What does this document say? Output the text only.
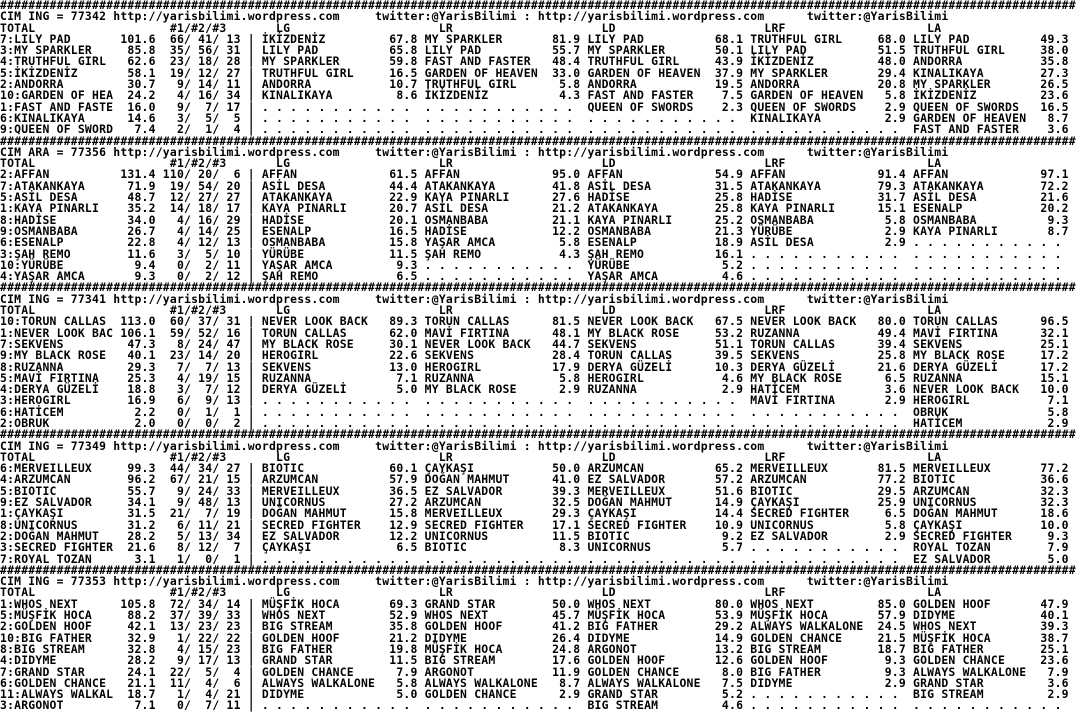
########################################################################################################################################################
CIM ING = 77342 http://yarisbilimi.wordpress.com     twitter:@YarisBilimi : http://yarisbilimi.wordpress.com      twitter:@YarisBilimi
TOTAL                   #1/#2/#3       LG                     LR                     LD                     LRF                    LA
7:LILY PAD       101.6  66/ 41/ 13 | İKİZDENİZ         67.8 MY SPARKLER       81.9 LILY PAD          68.1 TRUTHFUL GIRL     68.0 LILY PAD          49.3
3:MY SPARKLER     85.8  35/ 56/ 31 | LILY PAD          65.8 LILY PAD          55.7 MY SPARKLER       50.1 LILY PAD          51.5 TRUTHFUL GIRL     38.0
4:TRUTHFUL GIRL   62.6  23/ 18/ 28 | MY SPARKLER       59.8 FAST AND FASTER   48.4 TRUTHFUL GIRL     43.9 İKİZDENİZ         48.0 ANDORRA           35.8
5:İKİZDENİZ       58.1  19/ 12/ 27 | TRUTHFUL GIRL     16.5 GARDEN OF HEAVEN  33.0 GARDEN OF HEAVEN  37.9 MY SPARKLER       29.4 KINALIKAYA        27.3
2:ANDORRA         30.7   9/ 14/ 11 | ANDORRA           10.7 TRUTHFUL GIRL      5.8 ANDORRA           19.5 ANDORRA           20.8 MY SPARKLER       26.5
10:GARDEN OF HEA  24.2   4/ 16/ 34 | KINALIKAYA         8.6 İKİZDENİZ          4.3 FAST AND FASTER    7.5 GARDEN OF HEAVEN   5.8 İKİZDENİZ         23.6
1:FAST AND FASTE  16.0   9/  7/ 17 | . . . . . . . . . . .  . . . . . . . . . . .  QUEEN OF SWORDS    2.3 QUEEN OF SWORDS    2.9 QUEEN OF SWORDS   16.5
6:KINALIKAYA      14.6   3/  5/  5 | . . . . . . . . . . .  . . . . . . . . . . .  . . . . . . . . . . .  KINALIKAYA         2.9 GARDEN OF HEAVEN   8.7
9:QUEEN OF SWORD   7.4   2/  1/  4 | . . . . . . . . . . .  . . . . . . . . . . .  . . . . . . . . . . .  . . . . . . . . . . .  FAST AND FASTER    3.6
########################################################################################################################################################
CIM ARA = 77356 http://yarisbilimi.wordpress.com     twitter:@YarisBilimi : http://yarisbilimi.wordpress.com      twitter:@YarisBilimi
TOTAL                   #1/#2/#3       LG                     LR                     LD                     LRF                    LA
2:AFFAN          131.4 110/ 20/  6 | AFFAN             61.5 AFFAN             95.0 AFFAN             54.9 AFFAN             91.4 AFFAN             97.1
7:ATAKANKAYA      71.9  19/ 54/ 20 | ASİL DESA         44.4 ATAKANKAYA        41.8 ASİL DESA         31.5 ATAKANKAYA        79.3 ATAKANKAYA        72.2
5:ASİL DESA       48.7  12/ 27/ 27 | ATAKANKAYA        22.9 KAYA PINARLI      27.6 HADİSE            25.8 HADİSE            31.7 ASİL DESA         21.6
1:KAYA PINARLI    35.2  14/ 18/ 17 | KAYA PINARLI      20.7 ASİL DESA         21.2 ATAKANKAYA        25.8 KAYA PINARLI      15.1 ESENALP           20.2
8:HADİSE          34.0   4/ 16/ 29 | HADİSE            20.1 OSMANBABA         21.1 KAYA PINARLI      25.2 OSMANBABA          5.8 OSMANBABA          9.3
9:OSMANBABA       26.7   4/ 14/ 25 | ESENALP           16.5 HADİSE            12.2 OSMANBABA         21.3 YÜRÜBE             2.9 KAYA PINARLI       8.7
6:ESENALP         22.8   4/ 12/ 13 | OSMANBABA         15.8 YAŞAR AMCA         5.8 ESENALP           18.9 ASİL DESA          2.9 . . . . . . . . . . .
3:ŞAH REMO        11.6   3/  5/ 10 | YÜRÜBE            11.5 ŞAH REMO           4.3 ŞAH REMO          16.1 . . . . . . . . . . .  . . . . . . . . . . .
10:YÜRÜBE          9.4   0/  2/ 11 | YAŞAR AMCA         9.3 . . . . . . . . . . .  YÜRÜBE             5.2 . . . . . . . . . . .  . . . . . . . . . . .
4:YAŞAR AMCA       9.3   0/  2/ 12 | ŞAH REMO           6.5 . . . . . . . . . . .  YAŞAR AMCA         4.6 . . . . . . . . . . .  . . . . . . . . . . .
########################################################################################################################################################
CIM ING = 77341 http://yarisbilimi.wordpress.com     twitter:@YarisBilimi : http://yarisbilimi.wordpress.com      twitter:@YarisBilimi
TOTAL                   #1/#2/#3       LG                     LR                     LD                     LRF                    LA
10:TORUN CALLAS  113.0  60/ 37/ 31 | NEVER LOOK BACK   89.3 TORUN CALLAS      81.5 NEVER LOOK BACK   67.5 NEVER LOOK BACK   80.0 TORUN CALLAS      96.5
1:NEVER LOOK BAC 106.1  59/ 52/ 16 | TORUN CALLAS      62.0 MAVİ FIRTINA      48.1 MY BLACK ROSE     53.2 RUZANNA           49.4 MAVİ FIRTINA      32.1
7:SEKVENS         47.3   8/ 24/ 47 | MY BLACK ROSE     30.1 NEVER LOOK BACK   44.7 SEKVENS           51.1 TORUN CALLAS      39.4 SEKVENS           25.1
9:MY BLACK ROSE   40.1  23/ 14/ 20 | HEROGIRL          22.6 SEKVENS           28.4 TORUN CALLAS      39.5 SEKVENS           25.8 MY BLACK ROSE     17.2
8:RUZANNA         29.3   7/  7/ 13 | SEKVENS           13.0 HEROGIRL          17.9 DERYA GÜZELİ      10.3 DERYA GÜZELİ      21.6 DERYA GÜZELİ      17.2
5:MAVİ FIRTINA    25.3   4/ 19/ 15 | RUZANNA            7.1 RUZANNA            5.8 HEROGIRL           4.6 MY BLACK ROSE      6.5 RUZANNA           15.1
4:DERYA GÜZELİ    18.8   3/  7/ 12 | DERYA GÜZELİ       5.0 MY BLACK ROSE      2.9 RUZANNA            2.9 HATİCEM            3.6 NEVER LOOK BACK   10.0
3:HEROGIRL        16.9   6/  9/ 13 | . . . . . . . . . . .  . . . . . . . . . . .  . . . . . . . . . . .  MAVİ FIRTINA       2.9 HEROGIRL           7.1
6:HATİCEM          2.2   0/  1/  1 | . . . . . . . . . . .  . . . . . . . . . . .  . . . . . . . . . . .  . . . . . . . . . . .  OBRUK              5.8
2:OBRUK            2.0   0/  0/  2 | . . . . . . . . . . .  . . . . . . . . . . .  . . . . . . . . . . .  . . . . . . . . . . .  HATİCEM            2.9
########################################################################################################################################################
CIM ING = 77349 http://yarisbilimi.wordpress.com     twitter:@YarisBilimi : http://yarisbilimi.wordpress.com      twitter:@YarisBilimi
TOTAL                   #1/#2/#3       LG                     LR                     LD                     LRF                    LA
6:MERVEILLEUX     99.3  44/ 34/ 27 | BIOTIC            60.1 ÇAYKAŞI           50.0 ARZUMCAN          65.2 MERVEILLEUX       81.5 MERVEILLEUX       77.2
4:ARZUMCAN        96.2  67/ 21/ 15 | ARZUMCAN          57.9 DOĞAN MAHMUT      41.0 EZ SALVADOR       57.2 ARZUMCAN          77.2 BIOTIC            36.6
5:BIOTIC          55.7   9/ 24/ 33 | MERVEILLEUX       36.5 EZ SALVADOR       39.3 MERVEILLEUX       51.6 BIOTIC            29.5 ARZUMCAN          32.3
9:EZ SALVADOR     34.1   9/ 48/ 13 | UNICORNUS         27.2 ARZUMCAN          32.5 DOĞAN MAHMUT      14.9 ÇAYKAŞI           25.9 UNICORNUS         32.3
1:ÇAYKAŞI         31.5  21/  7/ 19 | DOĞAN MAHMUT      15.8 MERVEILLEUX       29.3 ÇAYKAŞI           14.4 SECRED FIGHTER     6.5 DOĞAN MAHMUT      18.6
8:UNICORNUS       31.2   6/ 11/ 21 | SECRED FIGHTER    12.9 SECRED FIGHTER    17.1 SECRED FIGHTER    10.9 UNICORNUS          5.8 ÇAYKAŞI           10.0
2:DOĞAN MAHMUT    28.2   5/ 13/ 34 | EZ SALVADOR       12.2 UNICORNUS         11.5 BIOTIC             9.2 EZ SALVADOR        2.9 SECRED FIGHTER     9.3
3:SECRED FIGHTER  21.6   8/ 12/  7 | ÇAYKAŞI            6.5 BIOTIC             8.3 UNICORNUS          5.7 . . . . . . . . . . .  ROYAL TOZAN        7.9
7:ROYAL TOZAN      3.1   1/  0/  1 | . . . . . . . . . . .  . . . . . . . . . . .  . . . . . . . . . . .  . . . . . . . . . . .  EZ SALVADOR        5.0
########################################################################################################################################################
CIM ING = 77353 http://yarisbilimi.wordpress.com     twitter:@YarisBilimi : http://yarisbilimi.wordpress.com      twitter:@YarisBilimi
TOTAL                   #1/#2/#3       LG                     LR                     LD                     LRF                    LA
1:WHOS NEXT      105.8  72/ 34/ 14 | MÜŞFİK HOCA       69.3 GRAND STAR        50.0 WHOS NEXT         80.0 WHOS NEXT         85.0 GOLDEN HOOF       47.9
5:MÜŞFİK HOCA     88.2  37/ 39/ 33 | WHOS NEXT         52.9 WHOS NEXT         45.7 MÜŞFİK HOCA       53.9 MÜŞFİK HOCA       57.9 DIDYME            40.1
2:GOLDEN HOOF     42.1  13/ 23/ 23 | BIG STREAM        35.8 GOLDEN HOOF       41.2 BIG FATHER        29.2 ALWAYS WALKALONE  24.5 WHOS NEXT         39.3
10:BIG FATHER     32.9   1/ 22/ 22 | GOLDEN HOOF       21.2 DIDYME            26.4 DIDYME            14.9 GOLDEN CHANCE     21.5 MÜŞFİK HOCA       38.7
8:BIG STREAM      32.8   4/ 15/ 23 | BIG FATHER        19.8 MÜŞFİK HOCA       24.8 ARGONOT           13.2 BIG STREAM        18.7 BIG FATHER        25.1
4:DIDYME          28.2   9/ 17/ 13 | GRAND STAR        11.5 BIG STREAM        17.6 GOLDEN HOOF       12.6 GOLDEN HOOF        9.3 GOLDEN CHANCE     23.6
7:GRAND STAR      24.1  22/  5/  4 | GOLDEN CHANCE      7.9 ARGONOT           11.9 GOLDEN CHANCE      8.0 BIG FATHER         9.3 ALWAYS WALKALONE   7.9
6:GOLDEN CHANCE   21.1  11/  4/  6 | ALWAYS WALKALONE   5.8 ALWAYS WALKALONE   8.7 ALWAYS WALKALONE   7.5 DIDYME             2.9 GRAND STAR         3.6
11:ALWAYS WALKAL  18.7   1/  4/ 21 | DIDYME             5.0 GOLDEN CHANCE      2.9 GRAND STAR         5.2 . . . . . . . . . . .  BIG STREAM         2.9
3:ARGONOT          7.1   0/  7/ 11 | . . . . . . . . . . .  . . . . . . . . . . .  BIG STREAM         4.6 . . . . . . . . . . .  . . . . . . . . . . .
